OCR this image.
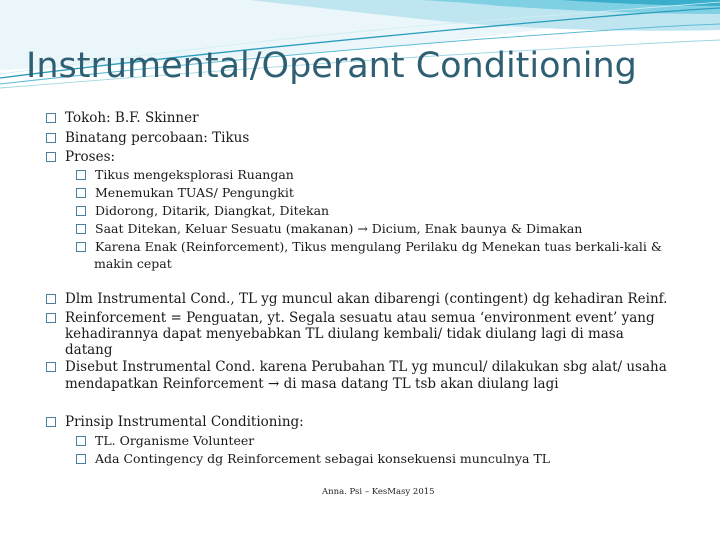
Instrumental/Operant Conditioning
Tokoh: B.F. Skinner
Binatang percobaan: Tikus
Proses:
Tikus mengeksplorasi Ruangan
Menemukan TUAS/ Pengungkit
Didorong, Ditarik, Diangkat, Ditekan
Saat Ditekan, Keluar Sesuatu (makanan) → Dicium, Enak baunya & Dimakan
Karena Enak (Reinforcement), Tikus mengulang Perilaku dg Menekan tuas berkali-kali &
makin cepat
Dlm Instrumental Cond., TL yg muncul akan dibarengi (contingent) dg kehadiran Reinf.
Reinforcement = Penguatan, yt. Segala sesuatu atau semua ‘environment event’ yang
kehadirannya dapat menyebabkan TL diulang kembali/ tidak diulang lagi di masa
datang
Disebut Instrumental Cond. karena Perubahan TL yg muncul/ dilakukan sbg alat/ usaha
mendapatkan Reinforcement → di masa datang TL tsb akan diulang lagi
Prinsip Instrumental Conditioning:
TL. Organisme Volunteer
Ada Contingency dg Reinforcement sebagai konsekuensi munculnya TL
Anna. Psi – KesMasy 2015
